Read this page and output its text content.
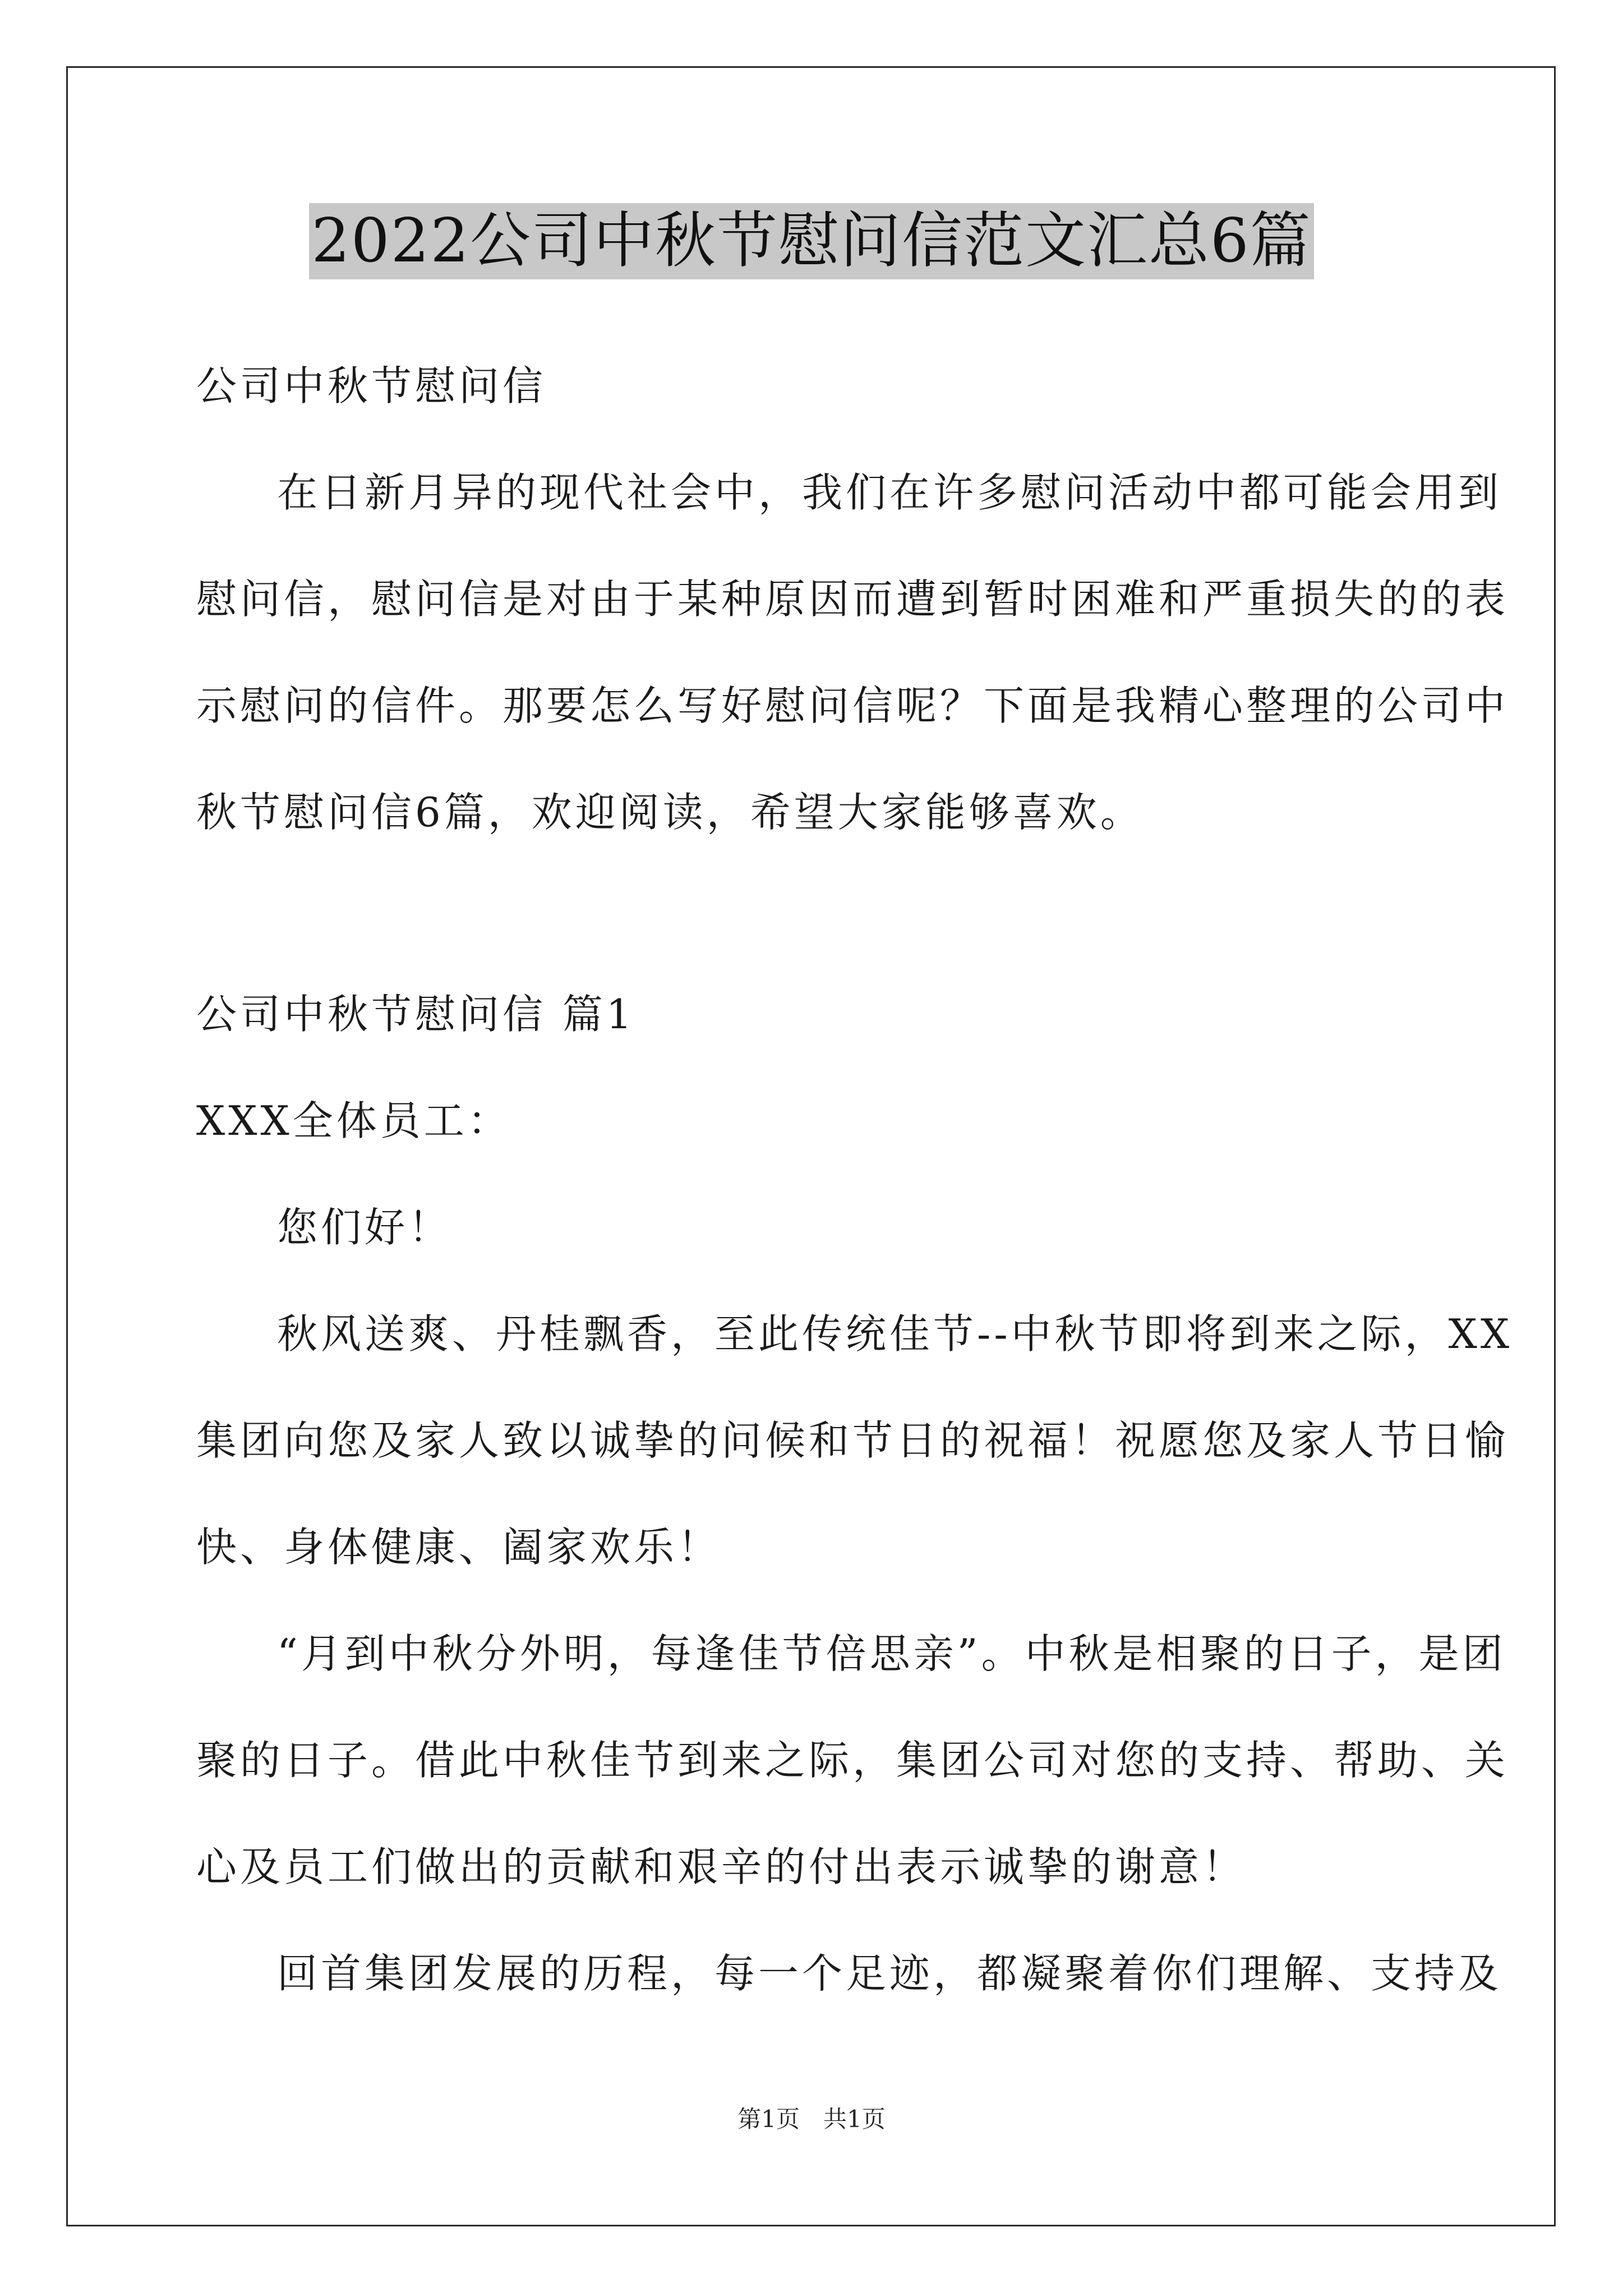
2022公司中秋节慰问信范文汇总6篇
公司中秋节慰问信
在日新月异的现代社会中，我们在许多慰问活动中都可能会用到
慰问信，慰问信是对由于某种原因而遭到暂时困难和严重损失的的表
示慰问的信件。那要怎么写好慰问信呢？下面是我精心整理的公司中
秋节慰问信6篇，欢迎阅读，希望大家能够喜欢。
公司中秋节慰问信 篇1
XXX全体员工：
您们好！
秋风送爽、丹桂飘香，至此传统佳节--中秋节即将到来之际，XX
集团向您及家人致以诚挚的问候和节日的祝福！祝愿您及家人节日愉
快、身体健康、阖家欢乐！
“月到中秋分外明，每逢佳节倍思亲”。中秋是相聚的日子，是团
聚的日子。借此中秋佳节到来之际，集团公司对您的支持、帮助、关
心及员工们做出的贡献和艰辛的付出表示诚挚的谢意！
回首集团发展的历程，每一个足迹，都凝聚着你们理解、支持及
第1页　共1页
